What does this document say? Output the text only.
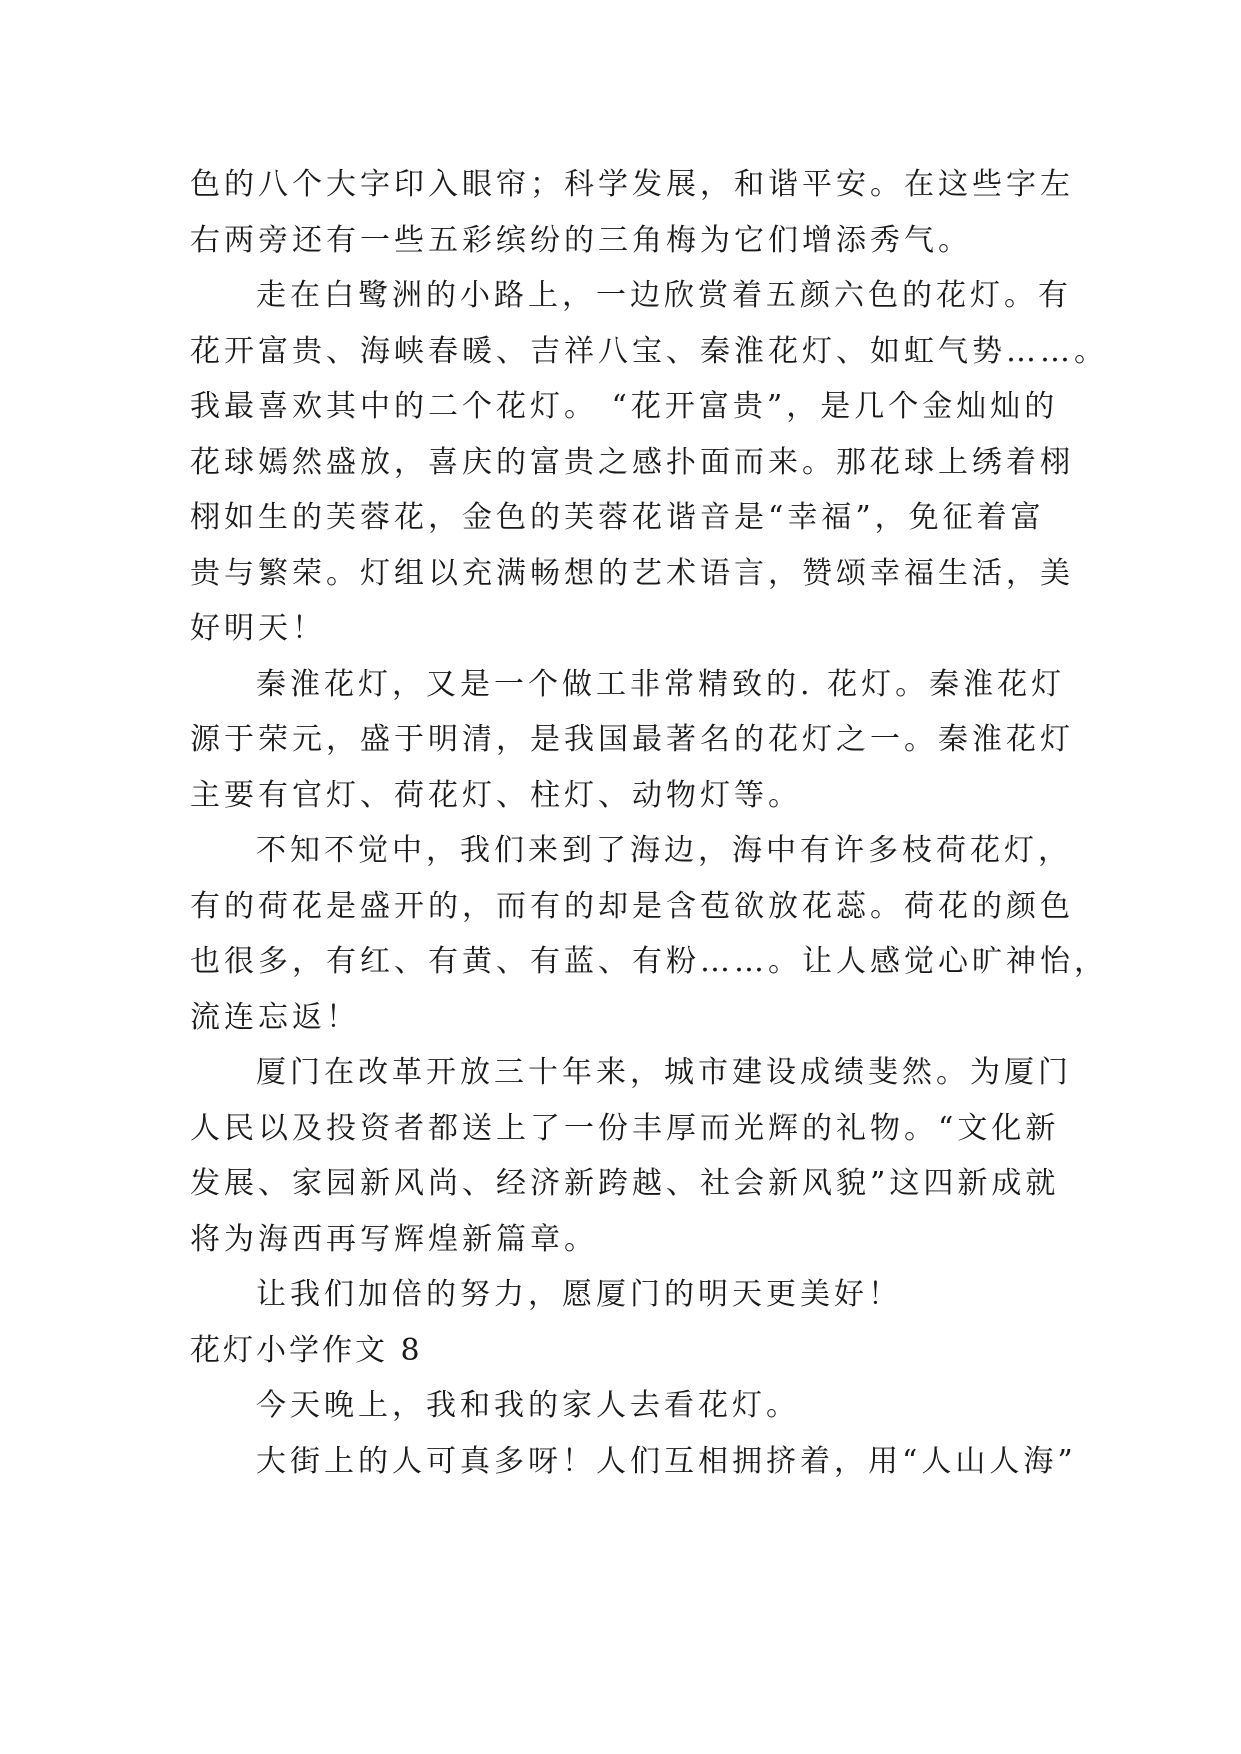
色的八个大字印入眼帘；科学发展，和谐平安。在这些字左
右两旁还有一些五彩缤纷的三角梅为它们增添秀气。
走在白鹭洲的小路上，一边欣赏着五颜六色的花灯。有
花开富贵、海峡春暖、吉祥八宝、秦淮花灯、如虹气势……。
我最喜欢其中的二个花灯。 “花开富贵”，是几个金灿灿的
花球嫣然盛放，喜庆的富贵之感扑面而来。那花球上绣着栩
栩如生的芙蓉花，金色的芙蓉花谐音是“幸福”，免征着富
贵与繁荣。灯组以充满畅想的艺术语言，赞颂幸福生活，美
好明天！
秦淮花灯，又是一个做工非常精致的. 花灯。秦淮花灯
源于荣元，盛于明清，是我国最著名的花灯之一。秦淮花灯
主要有官灯、荷花灯、柱灯、动物灯等。
不知不觉中，我们来到了海边，海中有许多枝荷花灯，
有的荷花是盛开的，而有的却是含苞欲放花蕊。荷花的颜色
也很多，有红、有黄、有蓝、有粉……。让人感觉心旷神怡，
流连忘返！
厦门在改革开放三十年来，城市建设成绩斐然。为厦门
人民以及投资者都送上了一份丰厚而光辉的礼物。“文化新
发展、家园新风尚、经济新跨越、社会新风貌”这四新成就
将为海西再写辉煌新篇章。
让我们加倍的努力，愿厦门的明天更美好！
花灯小学作文 8
今天晚上，我和我的家人去看花灯。
大街上的人可真多呀！人们互相拥挤着，用“人山人海”
